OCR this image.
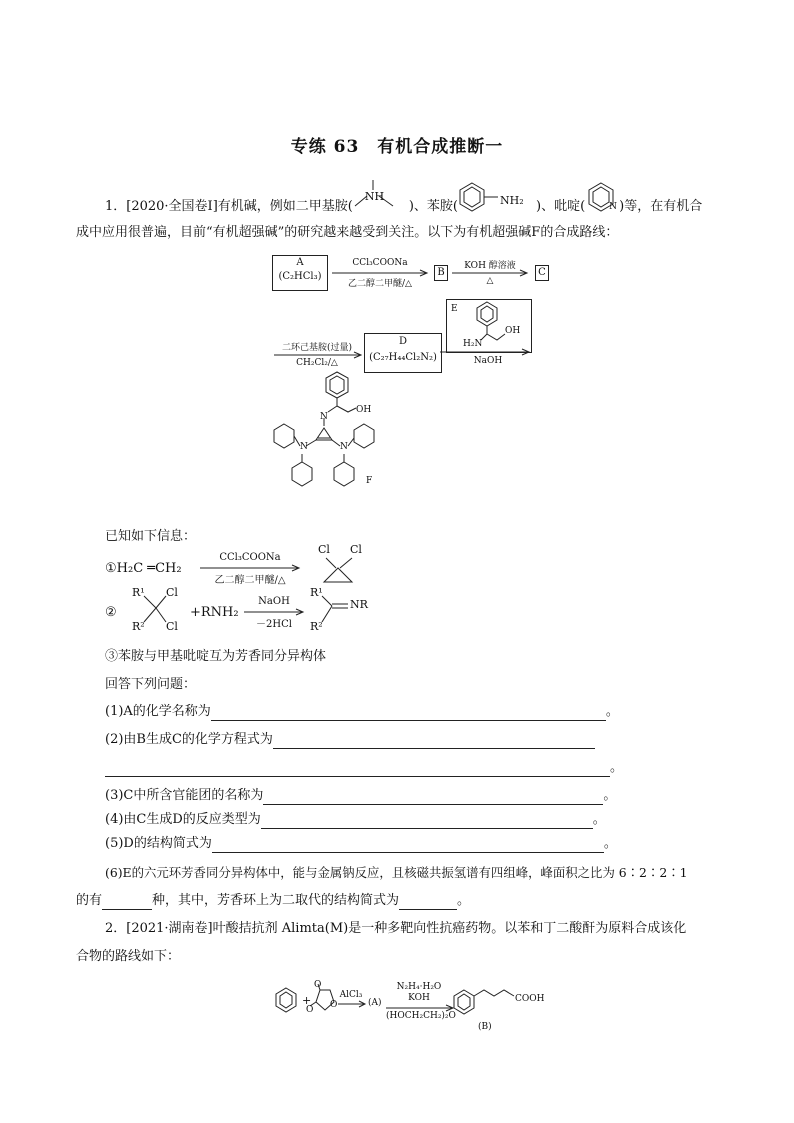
专练 63　有机合成推断一
1．[2020·全国卷Ⅰ]有机碱，例如二甲基胺(
NH
)、苯胺(	NH₂ )、吡啶(	N )等，在有机合
成中应用很普遍，目前“有机超强碱”的研究越来越受到关注。以下为有机超强碱F的合成路线：
A
(C₂HCl₃)
CCl₃COONa
乙二醇二甲醚/△
B
KOH 醇溶液
△
C
二环己基胺(过量)
CH₂Cl₂/△
D
(C₂₇H₄₄Cl₂N₂)
E
H₂N
OH
NaOH
OH
N
N	N
F
已知如下信息：
①H₂C ═CH₂
CCl₃COONa
乙二醇二甲醚/△
Cl Cl
②
R¹
R²
Cl
Cl
+RNH₂
NaOH
－2HCl
R¹
R²
NR
③苯胺与甲基吡啶互为芳香同分异构体
回答下列问题：
(1)A的化学名称为	。
(2)由B生成C的化学方程式为
。
(3)C中所含官能团的名称为	。
(4)由C生成D的反应类型为	。
(5)D的结构简式为	。
(6)E的六元环芳香同分异构体中，能与金属钠反应，且核磁共振氢谱有四组峰，峰面积之比为 6∶2∶2∶1
的有	种，其中，芳香环上为二取代的结构简式为	。
2．[2021·湖南卷]叶酸拮抗剂 Alimta(M)是一种多靶向性抗癌药物。以苯和丁二酸酐为原料合成该化
合物的路线如下：
+
O
O
O
AlCl₃
(A)
N₂H₄·H₂O
KOH
(HOCH₂CH₂)₂O
COOH
(B)
